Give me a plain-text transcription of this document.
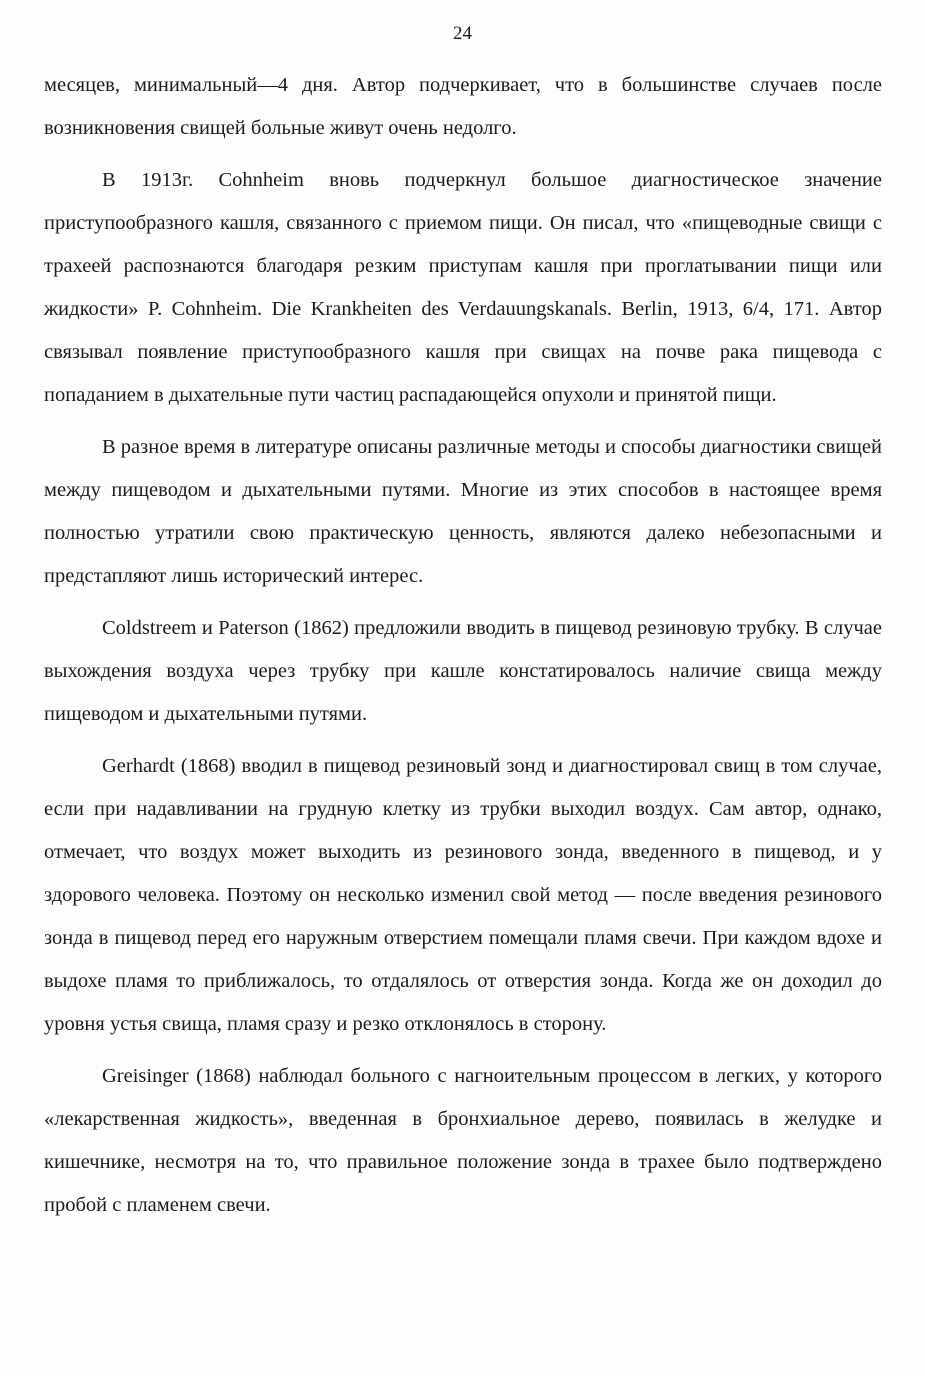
24

месяцев, минимальный—4 дня. Автор подчеркивает, что в большинстве случаев после возникновения свищей больные живут очень недолго.

В 1913г. Cohnheim вновь подчеркнул большое диагностическое значение приступообразного кашля, связанного с приемом пищи. Он писал, что «пищеводные свищи с трахеей распознаются благодаря резким приступам кашля при проглатывании пищи или жидкости» P. Cohnheim. Die Krankheiten des Verdauungskanals. Berlin, 1913, 6/4, 171. Автор связывал появление приступообразного кашля при свищах на почве рака пищевода с попаданием в дыхательные пути частиц распадающейся опухоли и принятой пищи.

В разное время в литературе описаны различные методы и способы диагностики свищей между пищеводом и дыхательными путями. Многие из этих способов в настоящее время полностью утратили свою практическую ценность, являются далеко небезопасными и предстапляют лишь исторический интерес.

Coldstreem и Paterson (1862) предложили вводить в пищевод резиновую трубку. В случае выхождения воздуха через трубку при кашле констатировалось наличие свища между пищеводом и дыхательными путями.

Gerhardt (1868) вводил в пищевод резиновый зонд и диагностировал свищ в том случае, если при надавливании на грудную клетку из трубки выходил воздух. Сам автор, однако, отмечает, что воздух может выходить из резинового зонда, введенного в пищевод, и у здорового человека. Поэтому он несколько изменил свой метод — после введения резинового зонда в пищевод перед его наружным отверстием помещали пламя свечи. При каждом вдохе и выдохе пламя то приближалось, то отдалялось от отверстия зонда. Когда же он доходил до уровня устья свища, пламя сразу и резко отклонялось в сторону.

Greisinger (1868) наблюдал больного с нагноительным процессом в легких, у которого «лекарственная жидкость», введенная в бронхиальное дерево, появилась в желудке и кишечнике, несмотря на то, что правильное положение зонда в трахее было подтверждено пробой с пламенем свечи.
